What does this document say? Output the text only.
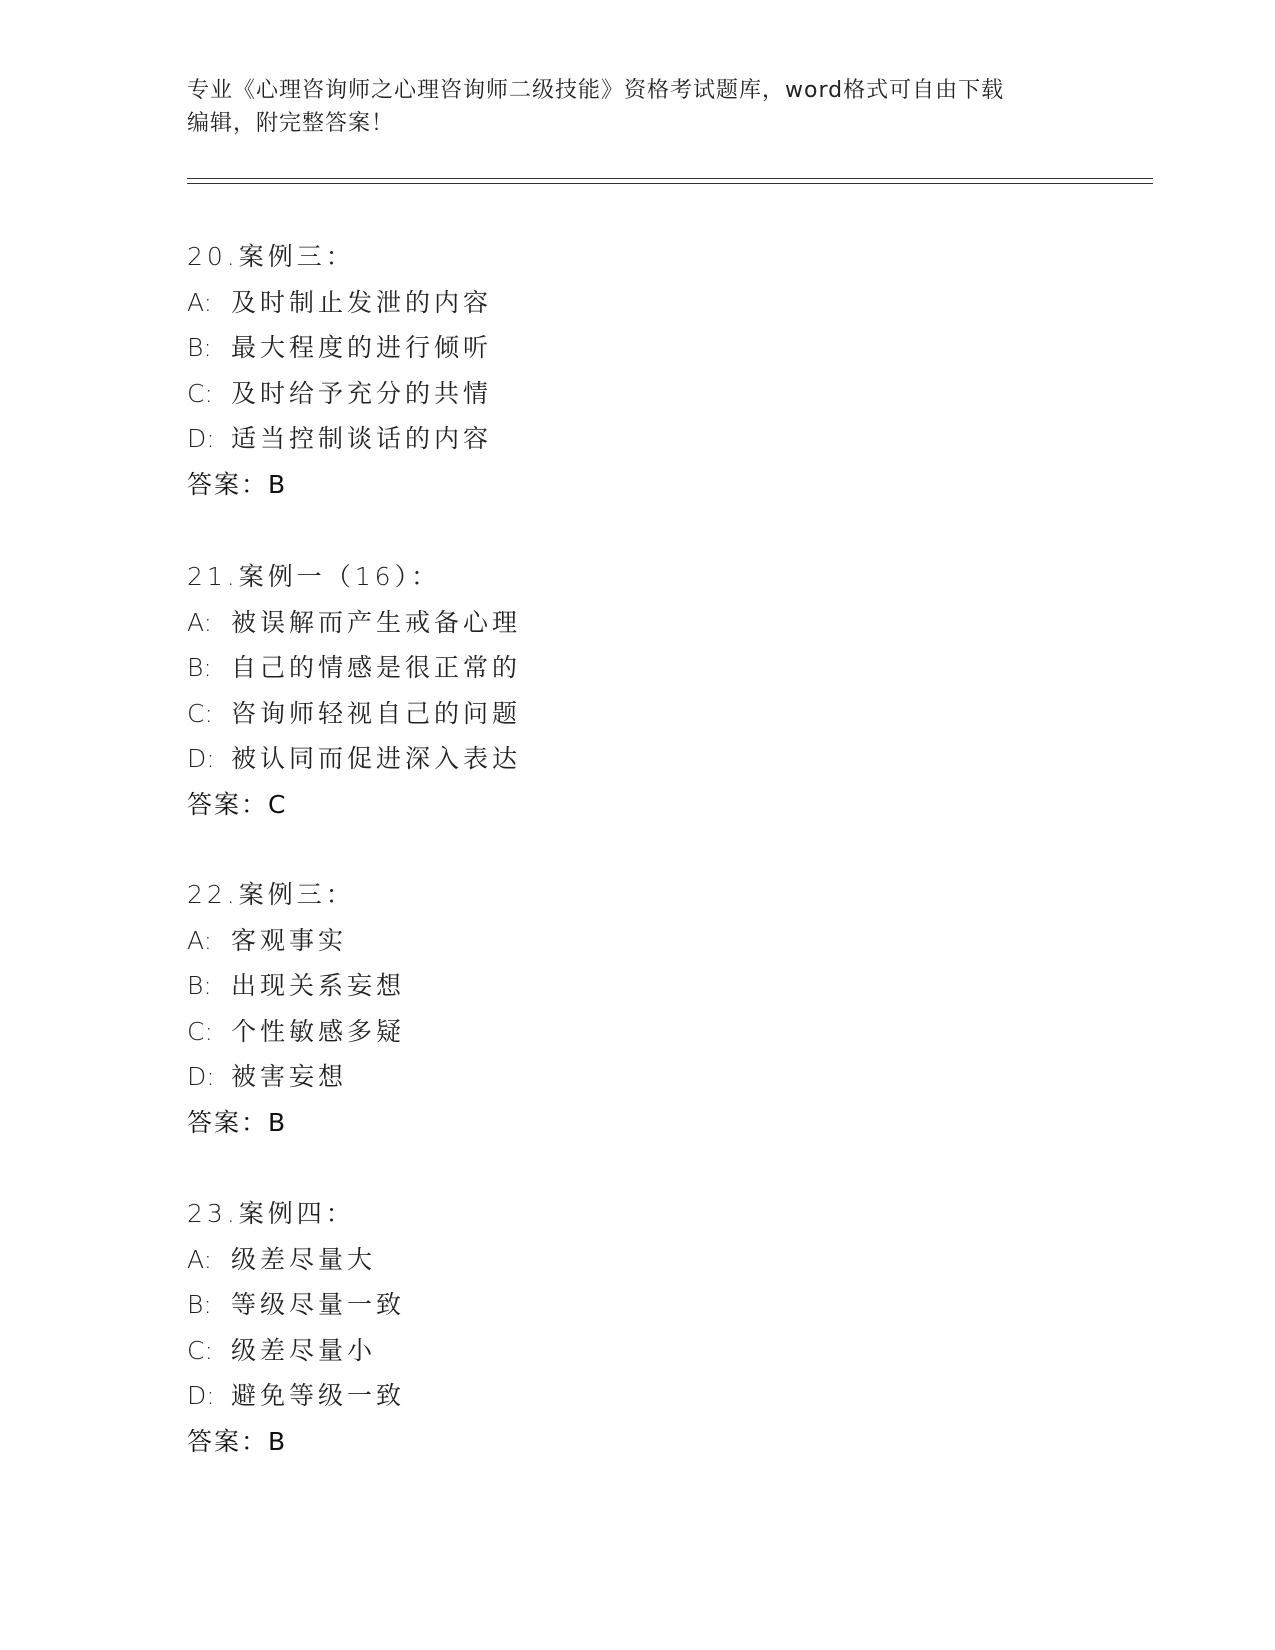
专业《心理咨询师之心理咨询师二级技能》资格考试题库，word格式可自由下载
编辑，附完整答案！
20.案例三：
A: 及时制止发泄的内容
B: 最大程度的进行倾听
C: 及时给予充分的共情
D: 适当控制谈话的内容
答案：B
21.案例一（16）：
A: 被误解而产生戒备心理
B: 自己的情感是很正常的
C: 咨询师轻视自己的问题
D: 被认同而促进深入表达
答案：C
22.案例三：
A: 客观事实
B: 出现关系妄想
C: 个性敏感多疑
D: 被害妄想
答案：B
23.案例四：
A: 级差尽量大
B: 等级尽量一致
C: 级差尽量小
D: 避免等级一致
答案：B
